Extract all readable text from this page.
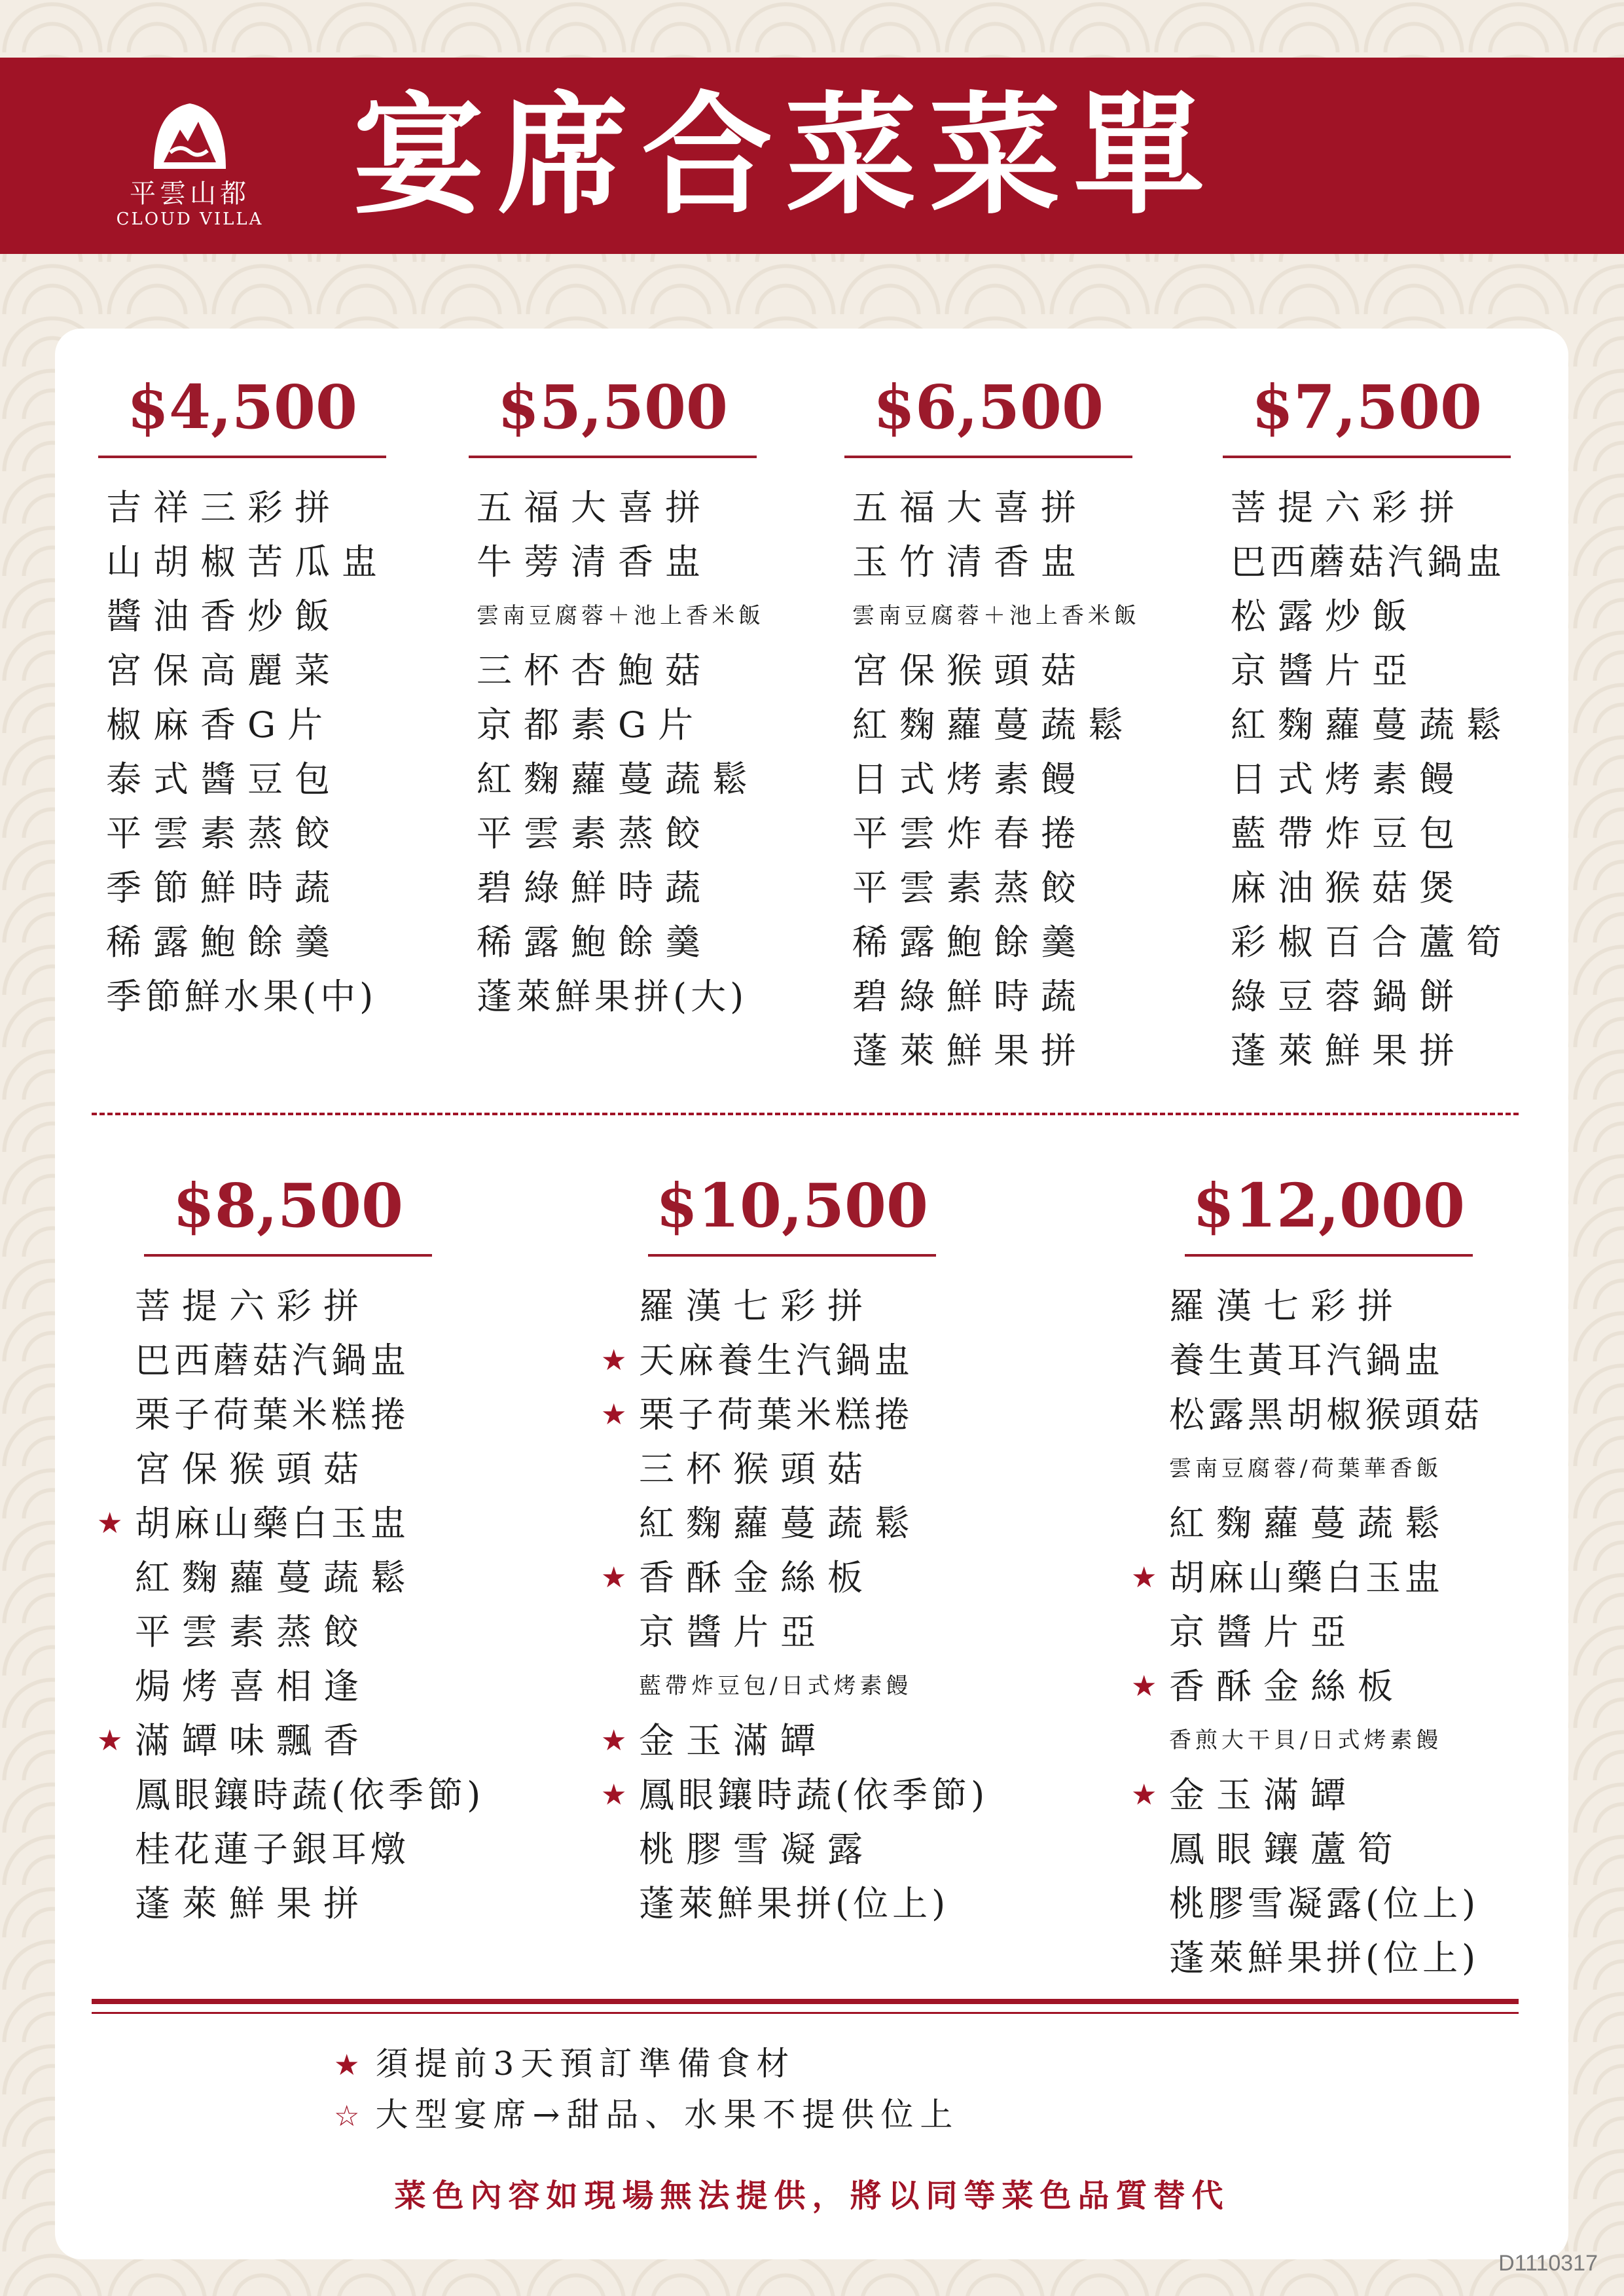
平雲山都
CLOUD VILLA 宴席合菜菜單
$4,500
吉祥三彩拼
山胡椒苦瓜盅
醬油香炒飯
宮保高麗菜
椒麻香G片
泰式醬豆包
平雲素蒸餃
季節鮮時蔬
稀露鮑餘羹
季節鮮水果(中)
$5,500
五福大喜拼
牛蒡清香盅
雲南豆腐蓉＋池上香米飯
三杯杏鮑菇
京都素G片
紅麴蘿蔓蔬鬆
平雲素蒸餃
碧綠鮮時蔬
稀露鮑餘羹
蓬萊鮮果拼(大)
$6,500
五福大喜拼
玉竹清香盅
雲南豆腐蓉＋池上香米飯
宮保猴頭菇
紅麴蘿蔓蔬鬆
日式烤素饅
平雲炸春捲
平雲素蒸餃
稀露鮑餘羹
碧綠鮮時蔬
蓬萊鮮果拼
$7,500
菩提六彩拼
巴西蘑菇汽鍋盅
松露炒飯
京醬片亞
紅麴蘿蔓蔬鬆
日式烤素饅
藍帶炸豆包
麻油猴菇煲
彩椒百合蘆筍
綠豆蓉鍋餅
蓬萊鮮果拼
$8,500
菩提六彩拼
巴西蘑菇汽鍋盅
栗子荷葉米糕捲
宮保猴頭菇
★ 胡麻山藥白玉盅
紅麴蘿蔓蔬鬆
平雲素蒸餃
焗烤喜相逢
★ 滿罈味飄香
鳳眼鑲時蔬(依季節)
桂花蓮子銀耳燉
蓬萊鮮果拼
$10,500
羅漢七彩拼
★ 天麻養生汽鍋盅
★ 栗子荷葉米糕捲
三杯猴頭菇
紅麴蘿蔓蔬鬆
★ 香酥金絲板
京醬片亞
藍帶炸豆包/日式烤素饅
★ 金玉滿罈
★ 鳳眼鑲時蔬(依季節)
桃膠雪凝露
蓬萊鮮果拼(位上)
$12,000
羅漢七彩拼
養生黃耳汽鍋盅
松露黑胡椒猴頭菇
雲南豆腐蓉/荷葉華香飯
紅麴蘿蔓蔬鬆
★ 胡麻山藥白玉盅
京醬片亞
★ 香酥金絲板
香煎大干貝/日式烤素饅
★ 金玉滿罈
鳳眼鑲蘆筍
桃膠雪凝露(位上)
蓬萊鮮果拼(位上)
★ 須提前3天預訂準備食材
☆ 大型宴席→甜品、水果不提供位上
菜色內容如現場無法提供，將以同等菜色品質替代
D1110317
